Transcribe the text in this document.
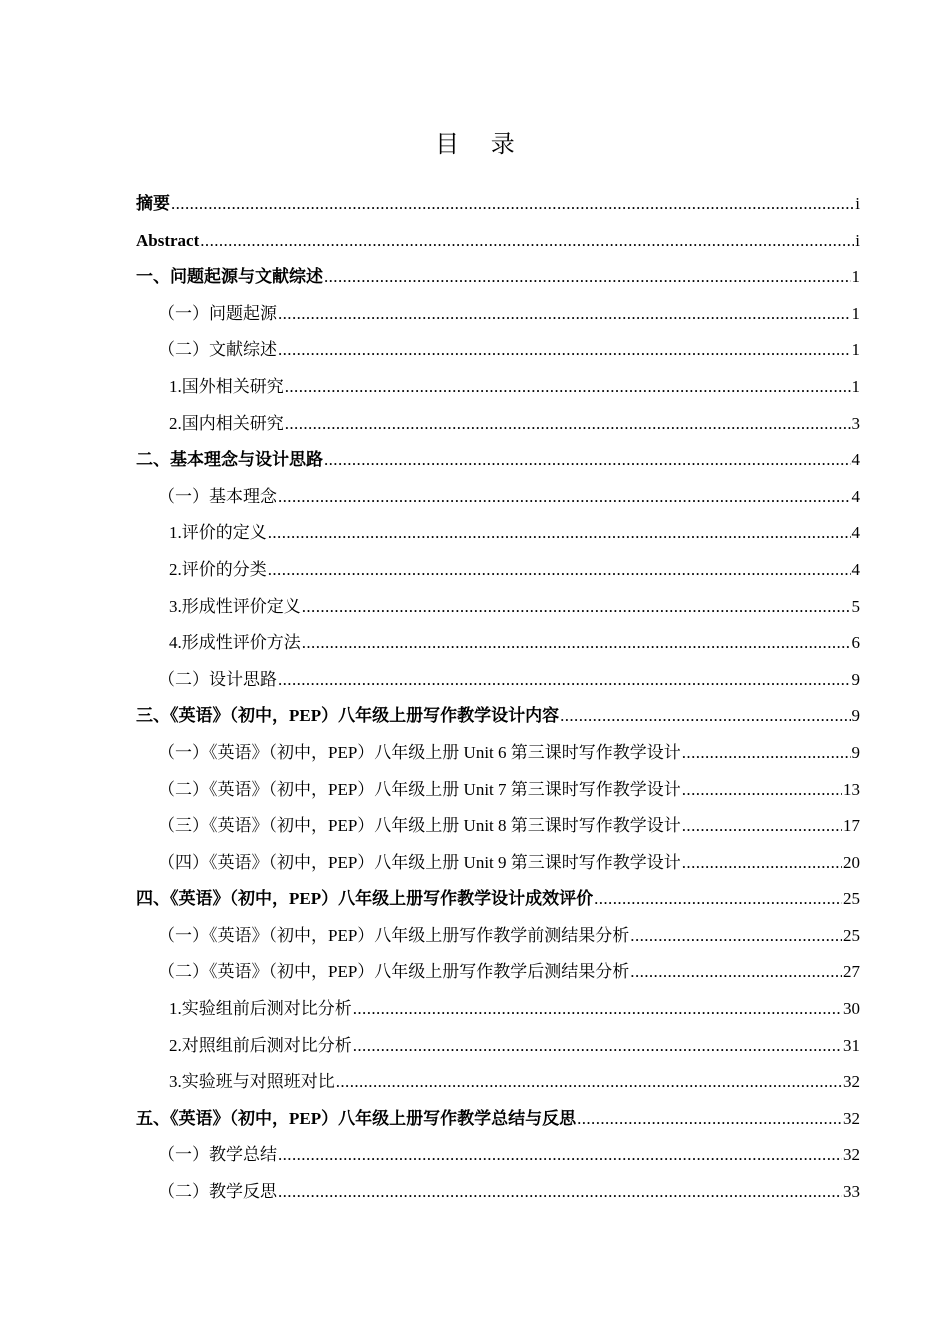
目 录
摘要 .....	i
Abstract .....	i
一、问题起源与文献综述 .....	1
（一）问题起源 .....	1
（二）文献综述 .....	1
1.国外相关研究 .....	1
2.国内相关研究 .....	3
二、基本理念与设计思路 .....	4
（一）基本理念 .....	4
1.评价的定义 .....	4
2.评价的分类 .....	4
3.形成性评价定义 .....	5
4.形成性评价方法 .....	6
（二）设计思路 .....	9
三、《英语》（初中，PEP）八年级上册写作教学设计内容 .....	9
（一）《英语》（初中，PEP）八年级上册 Unit 6 第三课时写作教学设计 .....	9
（二）《英语》（初中，PEP）八年级上册 Unit 7 第三课时写作教学设计 .....	13
（三）《英语》（初中，PEP）八年级上册 Unit 8 第三课时写作教学设计 .....	17
（四）《英语》（初中，PEP）八年级上册 Unit 9 第三课时写作教学设计 .....	20
四、《英语》（初中，PEP）八年级上册写作教学设计成效评价 .....	25
（一）《英语》（初中，PEP）八年级上册写作教学前测结果分析 .....	25
（二）《英语》（初中，PEP）八年级上册写作教学后测结果分析 .....	27
1.实验组前后测对比分析 .....	30
2.对照组前后测对比分析 .....	31
3.实验班与对照班对比 .....	32
五、《英语》（初中，PEP）八年级上册写作教学总结与反思 .....	32
（一）教学总结 .....	32
（二）教学反思 .....	33
